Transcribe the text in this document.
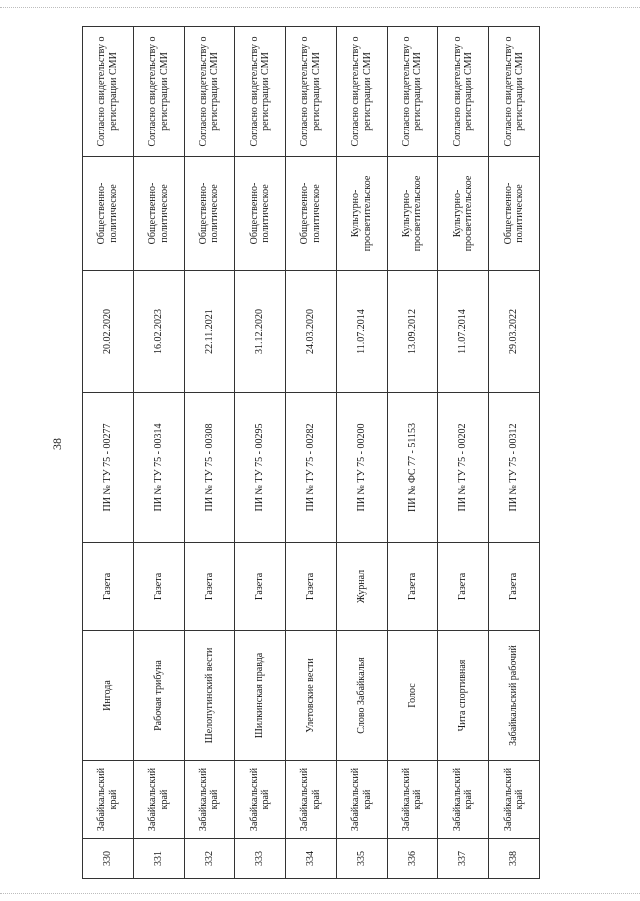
38
330	Забайкальский край	Ингода	Газета	ПИ № ТУ 75 - 00277	20.02.2020	Общественно-политическое	Согласно свидетельству о регистрации СМИ
331	Забайкальский край	Рабочая трибуна	Газета	ПИ № ТУ 75 - 00314	16.02.2023	Общественно-политическое	Согласно свидетельству о регистрации СМИ
332	Забайкальский край	Шелопугинский вести	Газета	ПИ № ТУ 75 - 00308	22.11.2021	Общественно-политическое	Согласно свидетельству о регистрации СМИ
333	Забайкальский край	Шилкинская правда	Газета	ПИ № ТУ 75 - 00295	31.12.2020	Общественно-политическое	Согласно свидетельству о регистрации СМИ
334	Забайкальский край	Улетовские вести	Газета	ПИ № ТУ 75 - 00282	24.03.2020	Общественно-политическое	Согласно свидетельству о регистрации СМИ
335	Забайкальский край	Слово Забайкалья	Журнал	ПИ № ТУ 75 - 00200	11.07.2014	Культурно-просветительское	Согласно свидетельству о регистрации СМИ
336	Забайкальский край	Голос	Газета	ПИ № ФС 77 - 51153	13.09.2012	Культурно-просветительское	Согласно свидетельству о регистрации СМИ
337	Забайкальский край	Чита спортивная	Газета	ПИ № ТУ 75 - 00202	11.07.2014	Культурно-просветительское	Согласно свидетельству о регистрации СМИ
338	Забайкальский край	Забайкальский рабочий	Газета	ПИ № ТУ 75 - 00312	29.03.2022	Общественно-политическое	Согласно свидетельству о регистрации СМИ
